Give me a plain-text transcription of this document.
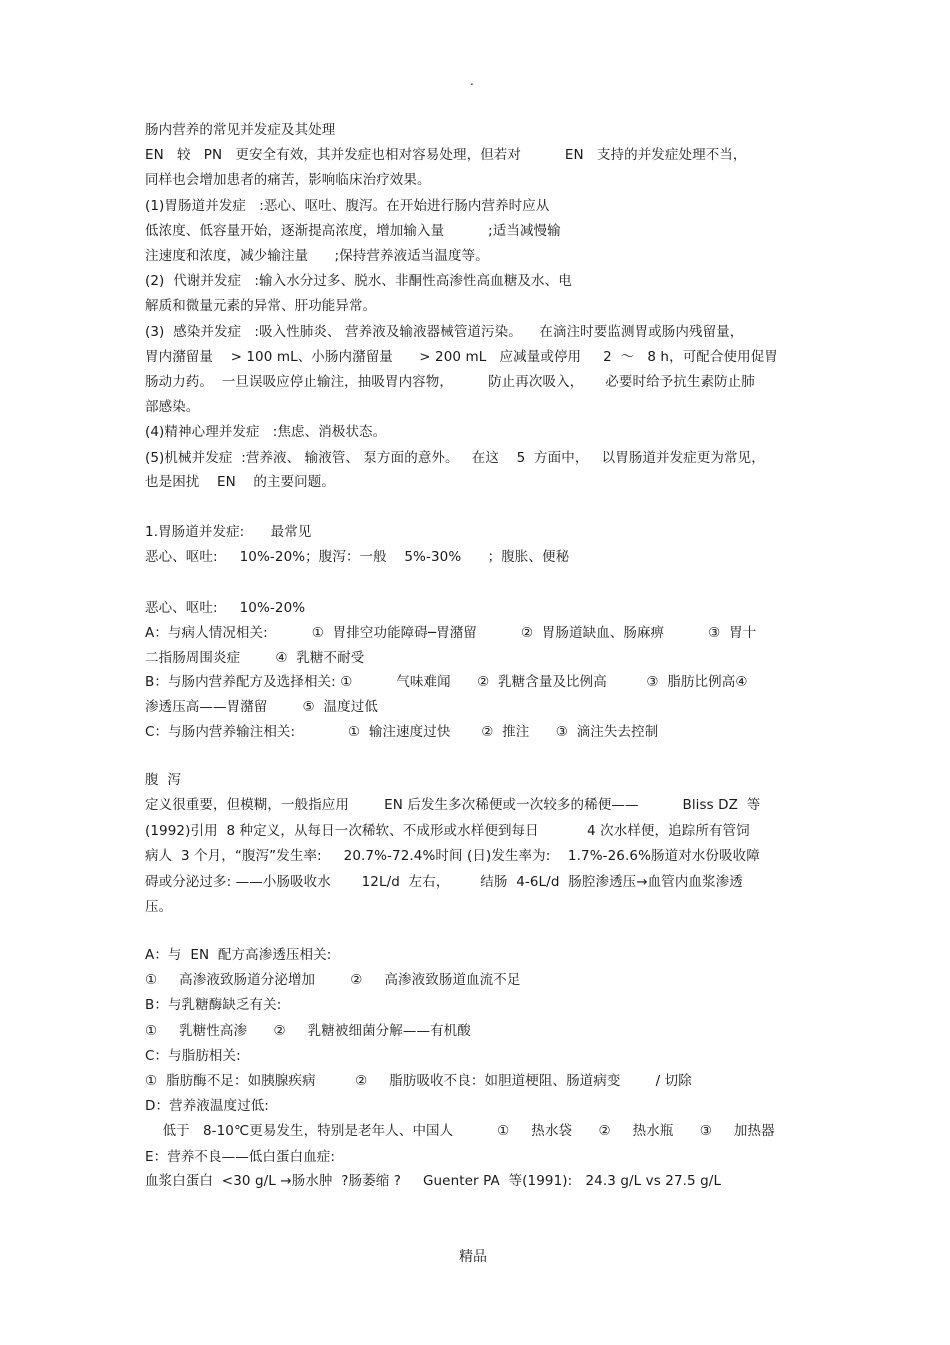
.
肠内营养的常见并发症及其处理
EN   较   PN   更安全有效，其并发症也相对容易处理，但若对          EN   支持的并发症处理不当，
同样也会增加患者的痛苦，影响临床治疗效果。
(1)胃肠道并发症   :恶心、呕吐、腹泻。在开始进行肠内营养时应从
低浓度、低容量开始，逐渐提高浓度，增加输入量          ;适当减慢输
注速度和浓度，减少输注量      ;保持营养液适当温度等。
(2)  代谢并发症   :输入水分过多、脱水、非酮性高渗性高血糖及水、电
解质和微量元素的异常、肝功能异常。
(3)  感染并发症   :吸入性肺炎、 营养液及输液器械管道污染。    在滴注时要监测胃或肠内残留量，
胃内潴留量    > 100 mL、小肠内潴留量      > 200 mL   应减量或停用     2  ～   8 h，可配合使用促胃
肠动力药。  一旦误吸应停止输注，抽吸胃内容物，        防止再次吸入，     必要时给予抗生素防止肺
部感染。
(4)精神心理并发症   :焦虑、消极状态。
(5)机械并发症  :营养液、 输液管、 泵方面的意外。   在这    5  方面中，   以胃肠道并发症更为常见，
也是困扰    EN    的主要问题。
1.胃肠道并发症:      最常见
恶心、呕吐:     10%-20%；腹泻：一般    5%-30%      ；腹胀、便秘
恶心、呕吐:     10%-20%
A：与病人情况相关:          ①  胃排空功能障碍─胃潴留          ②  胃肠道缺血、肠麻痹          ③  胃十
二指肠周围炎症        ④  乳糖不耐受
B：与肠内营养配方及选择相关: ①          气味难闻      ②  乳糖含量及比例高         ③  脂肪比例高④
渗透压高——胃潴留        ⑤  温度过低
C：与肠内营养输注相关:            ①  输注速度过快       ②  推注      ③  滴注失去控制
腹  泻
定义很重要，但模糊，一般指应用        EN 后发生多次稀便或一次较多的稀便——          Bliss DZ  等
(1992)引用  8 种定义，从每日一次稀软、不成形或水样便到每日           4 次水样便，追踪所有管饲
病人  3 个月，“腹泻”发生率:     20.7%-72.4%时间 (日)发生率为:    1.7%-26.6%肠道对水份吸收障
碍或分泌过多: ——小肠吸收水       12L/d  左右，       结肠  4-6L/d  肠腔渗透压→血管内血浆渗透
压。
A：与  EN  配方高渗透压相关:
①     高渗液致肠道分泌增加        ②     高渗液致肠道血流不足
B：与乳糖酶缺乏有关:
①     乳糖性高渗      ②     乳糖被细菌分解——有机酸
C：与脂肪相关:
①  脂肪酶不足：如胰腺疾病         ②     脂肪吸收不良：如胆道梗阻、肠道病变        / 切除
D：营养液温度过低:
低于   8-10℃更易发生，特别是老年人、中国人          ①     热水袋      ②     热水瓶      ③     加热器
E：营养不良——低白蛋白血症:
血浆白蛋白  <30 g/L →肠水肿  ?肠萎缩 ?     Guenter PA  等(1991):   24.3 g/L vs 27.5 g/L
精品
